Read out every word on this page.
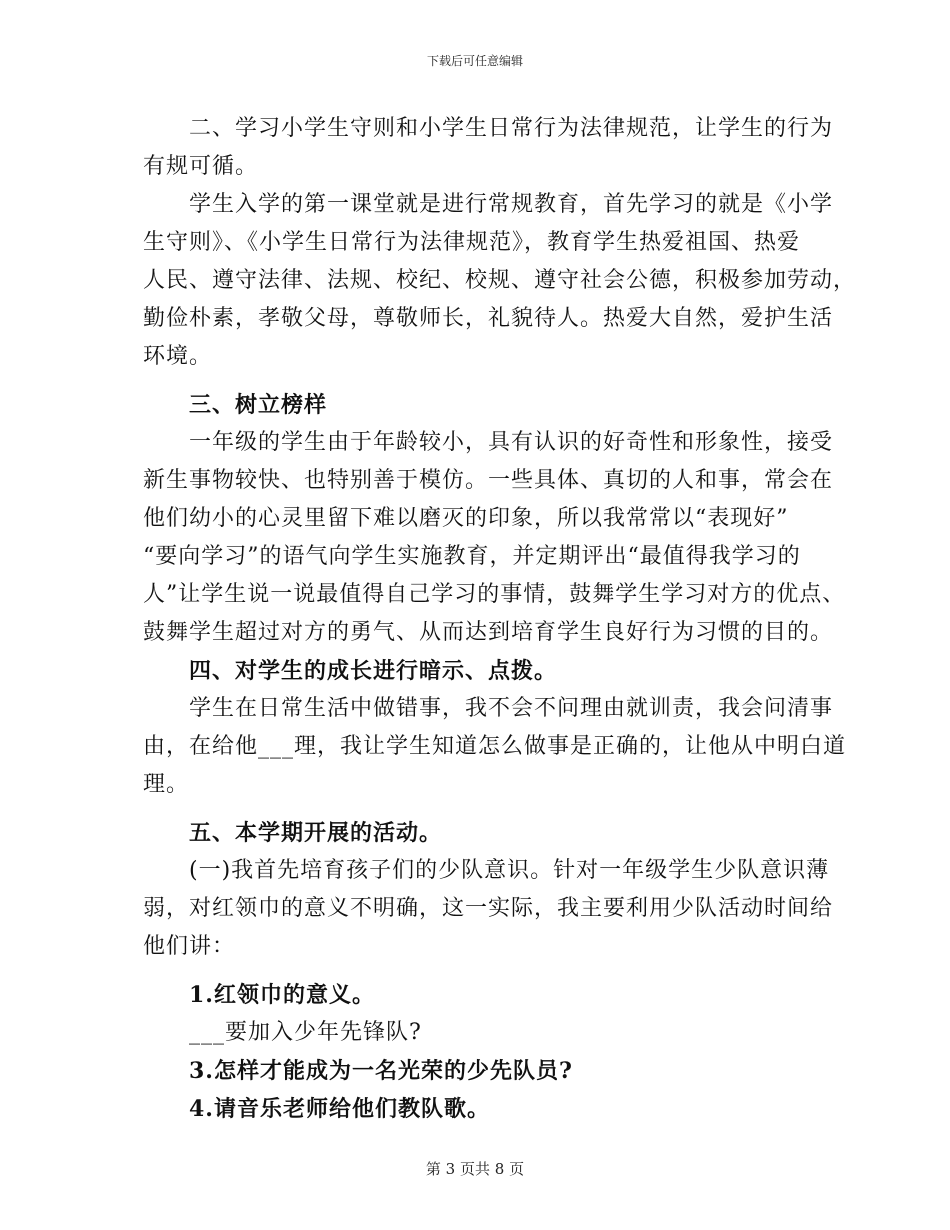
下载后可任意编辑
　　二、学习小学生守则和小学生日常行为法律规范，让学生的行为
有规可循。
　　学生入学的第一课堂就是进行常规教育，首先学习的就是《小学
生守则》、《小学生日常行为法律规范》，教育学生热爱祖国、热爱
人民、遵守法律、法规、校纪、校规、遵守社会公德，积极参加劳动，
勤俭朴素，孝敬父母，尊敬师长，礼貌待人。热爱大自然，爱护生活
环境。
　　三、树立榜样
　　一年级的学生由于年龄较小，具有认识的好奇性和形象性，接受
新生事物较快、也特别善于模仿。一些具体、真切的人和事，常会在
他们幼小的心灵里留下难以磨灭的印象，所以我常常以“表现好”
“要向学习”的语气向学生实施教育，并定期评出“最值得我学习的
人”让学生说一说最值得自己学习的事情，鼓舞学生学习对方的优点、
鼓舞学生超过对方的勇气、从而达到培育学生良好行为习惯的目的。
　　四、对学生的成长进行暗示、点拨。
　　学生在日常生活中做错事，我不会不问理由就训责，我会问清事
由，在给他___理，我让学生知道怎么做事是正确的，让他从中明白道
理。
　　五、本学期开展的活动。
　　(一)我首先培育孩子们的少队意识。针对一年级学生少队意识薄
弱，对红领巾的意义不明确，这一实际，我主要利用少队活动时间给
他们讲：
　　1.红领巾的意义。
　　___要加入少年先锋队?
　　3.怎样才能成为一名光荣的少先队员?
　　4.请音乐老师给他们教队歌。
第 3 页共 8 页
